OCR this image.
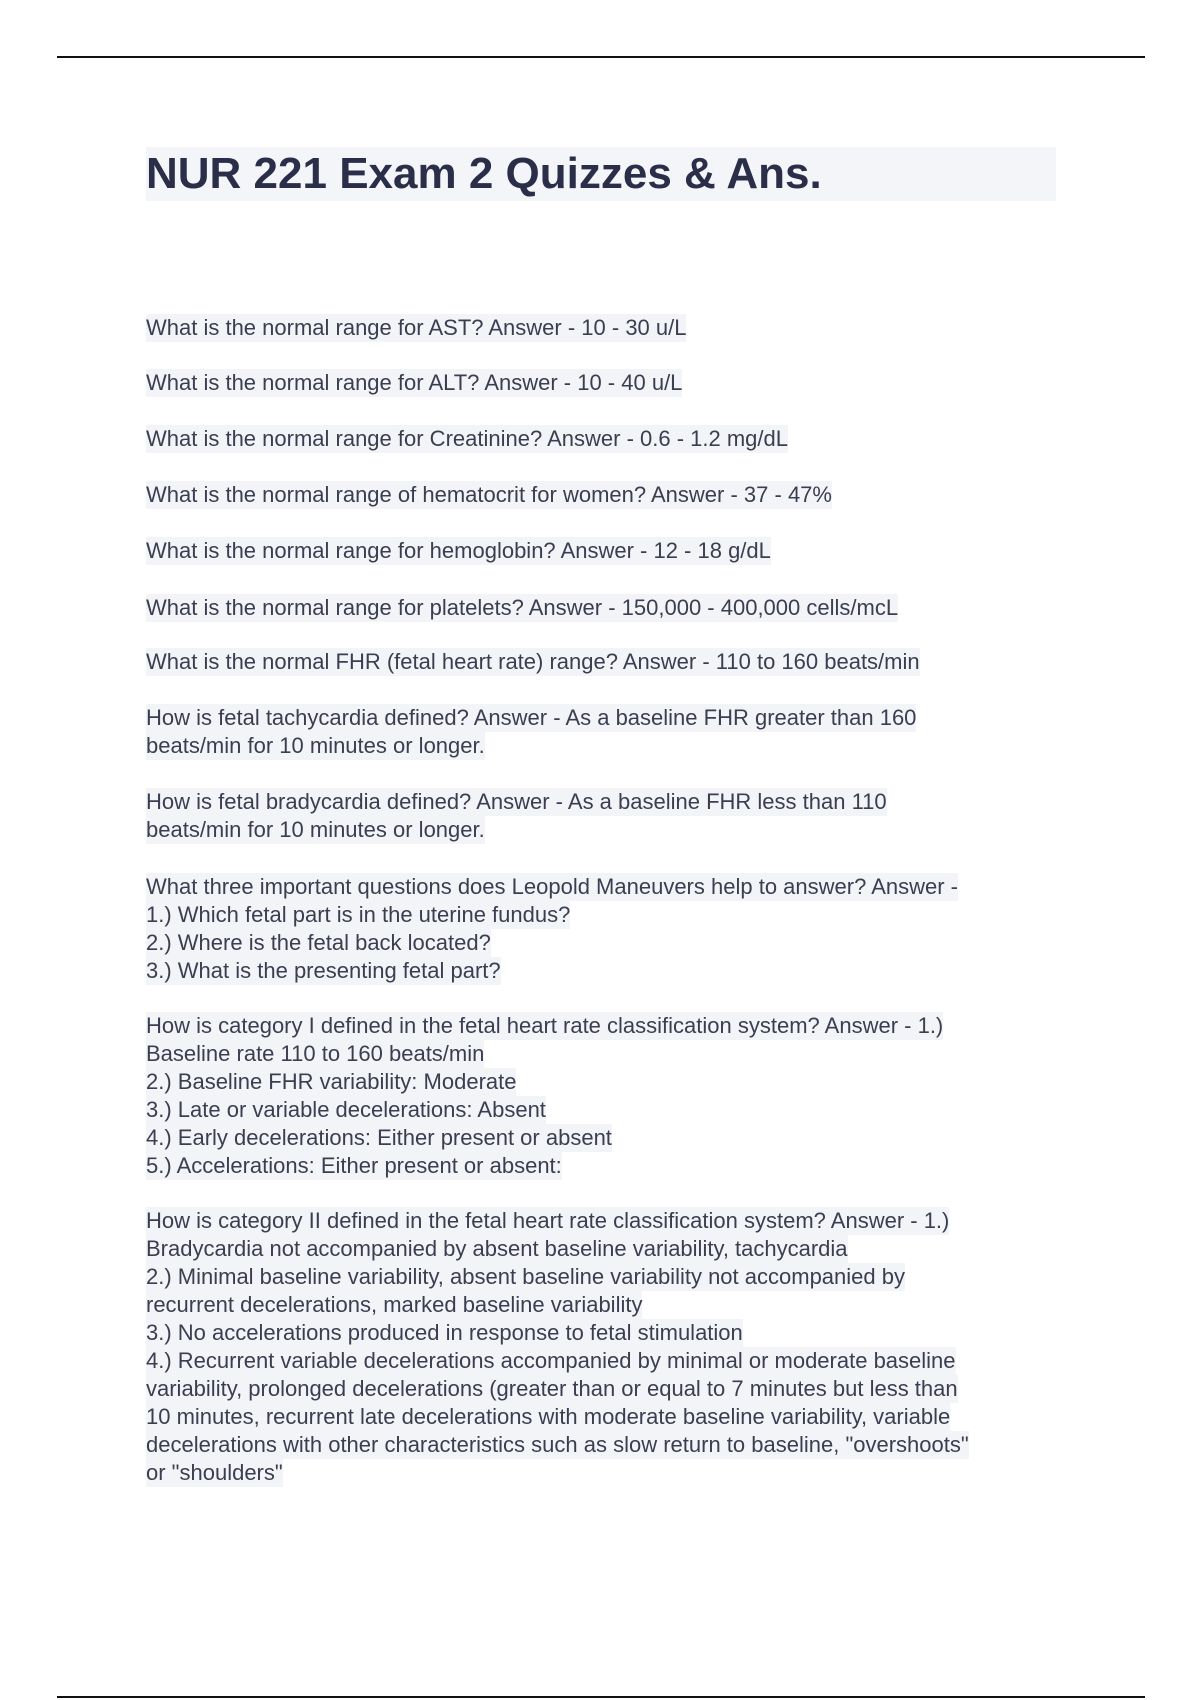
NUR 221 Exam 2 Quizzes & Ans.
What is the normal range for AST? Answer - 10 - 30 u/L
What is the normal range for ALT? Answer - 10 - 40 u/L
What is the normal range for Creatinine? Answer - 0.6 - 1.2 mg/dL
What is the normal range of hematocrit for women? Answer - 37 - 47%
What is the normal range for hemoglobin? Answer - 12 - 18 g/dL
What is the normal range for platelets? Answer - 150,000 - 400,000 cells/mcL
What is the normal FHR (fetal heart rate) range? Answer - 110 to 160 beats/min
How is fetal tachycardia defined? Answer - As a baseline FHR greater than 160
beats/min for 10 minutes or longer.
How is fetal bradycardia defined? Answer - As a baseline FHR less than 110
beats/min for 10 minutes or longer.
What three important questions does Leopold Maneuvers help to answer? Answer -
1.) Which fetal part is in the uterine fundus?
2.) Where is the fetal back located?
3.) What is the presenting fetal part?
How is category I defined in the fetal heart rate classification system? Answer - 1.)
Baseline rate 110 to 160 beats/min
2.) Baseline FHR variability: Moderate
3.) Late or variable decelerations: Absent
4.) Early decelerations: Either present or absent
5.) Accelerations: Either present or absent:
How is category II defined in the fetal heart rate classification system? Answer - 1.)
Bradycardia not accompanied by absent baseline variability, tachycardia
2.) Minimal baseline variability, absent baseline variability not accompanied by
recurrent decelerations, marked baseline variability
3.) No accelerations produced in response to fetal stimulation
4.) Recurrent variable decelerations accompanied by minimal or moderate baseline
variability, prolonged decelerations (greater than or equal to 7 minutes but less than
10 minutes, recurrent late decelerations with moderate baseline variability, variable
decelerations with other characteristics such as slow return to baseline, "overshoots"
or "shoulders"
